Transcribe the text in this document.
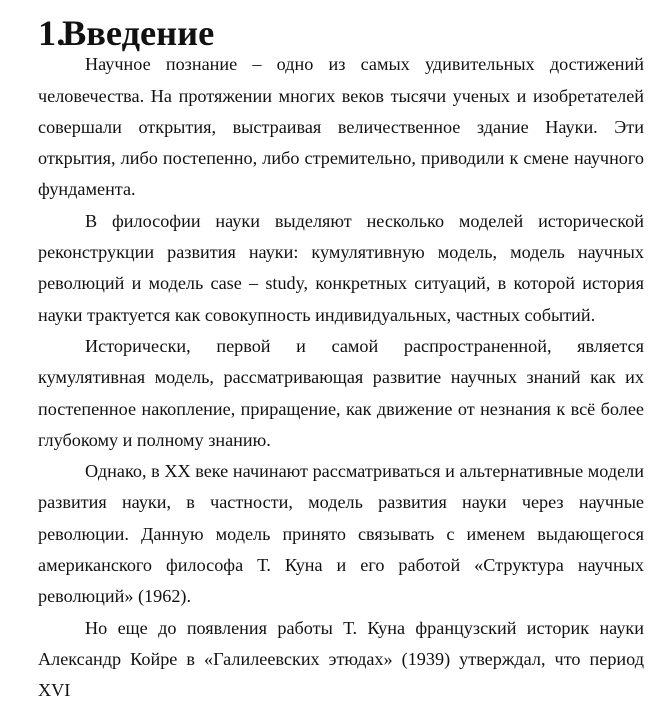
1.Введение

Научное познание – одно из самых удивительных достижений человечества. На протяжении многих веков тысячи ученых и изобретателей совершали открытия, выстраивая величественное здание Науки. Эти открытия, либо постепенно, либо стремительно, приводили к смене научного фундамента.

В философии науки выделяют несколько моделей исторической реконструкции развития науки: кумулятивную модель, модель научных революций и модель case – study, конкретных ситуаций, в которой история науки трактуется как совокупность индивидуальных, частных событий.

Исторически, первой и самой распространенной, является кумулятивная модель, рассматривающая развитие научных знаний как их постепенное накопление, приращение, как движение от незнания к всё более глубокому и полному знанию.

Однако, в XX веке начинают рассматриваться и альтернативные модели развития науки, в частности, модель развития науки через научные революции. Данную модель принято связывать с именем выдающегося американского философа Т. Куна и его работой «Структура научных революций» (1962).

Но еще до появления работы Т. Куна французский историк науки Александр Койре в «Галилеевских этюдах» (1939) утверждал, что период XVI
